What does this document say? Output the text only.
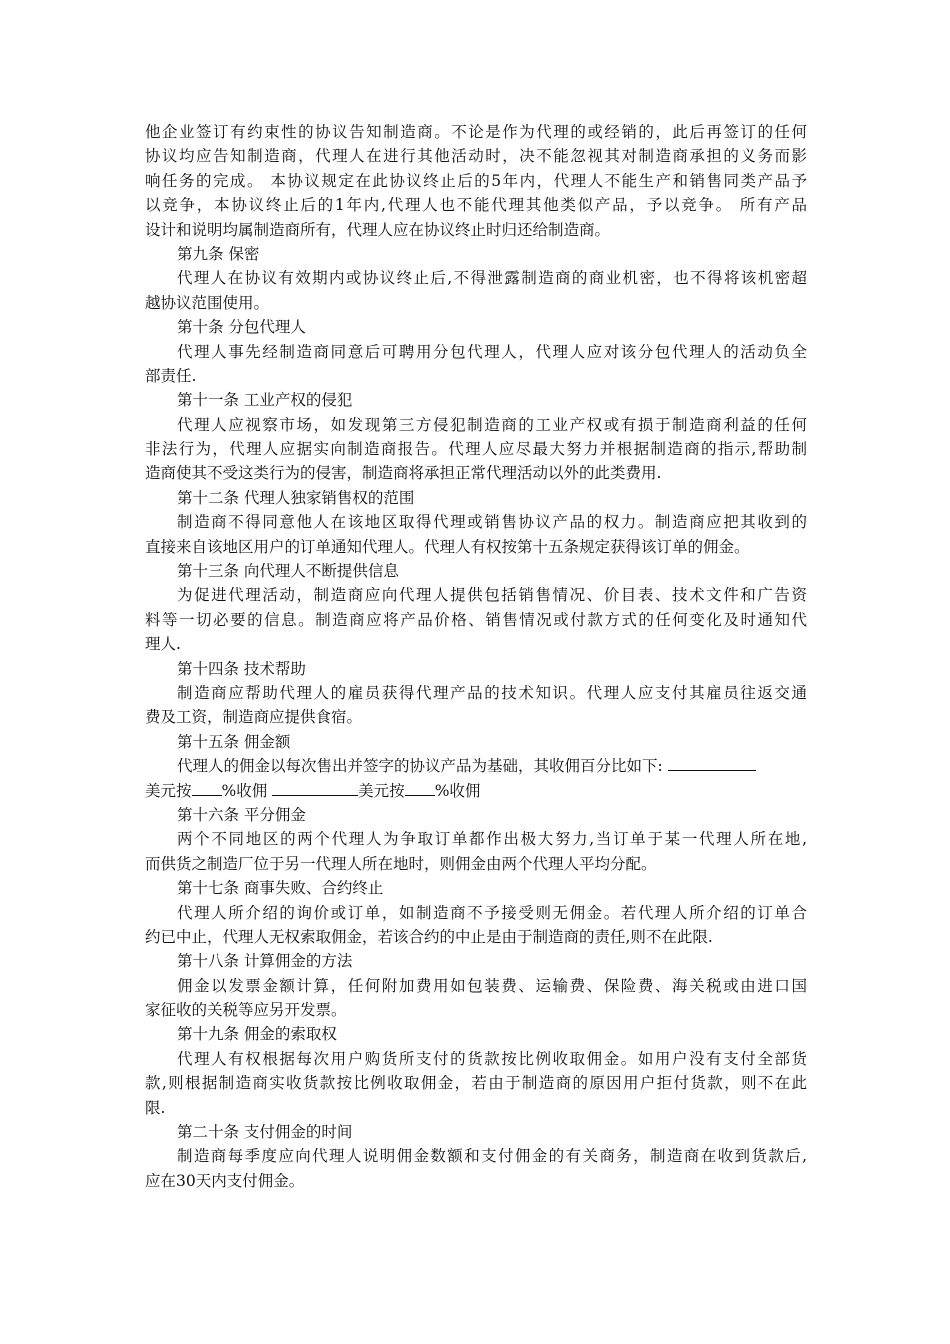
他企业签订有约束性的协议告知制造商。不论是作为代理的或经销的，此后再签订的任何
协议均应告知制造商，代理人在进行其他活动时，决不能忽视其对制造商承担的义务而影
响任务的完成。 本协议规定在此协议终止后的5年内，代理人不能生产和销售同类产品予
以竞争，本协议终止后的1年内,代理人也不能代理其他类似产品，予以竞争。 所有产品
设计和说明均属制造商所有，代理人应在协议终止时归还给制造商。
第九条 保密
代理人在协议有效期内或协议终止后,不得泄露制造商的商业机密，也不得将该机密超
越协议范围使用。
第十条 分包代理人
代理人事先经制造商同意后可聘用分包代理人，代理人应对该分包代理人的活动负全
部责任.
第十一条 工业产权的侵犯
代理人应视察市场，如发现第三方侵犯制造商的工业产权或有损于制造商利益的任何
非法行为，代理人应据实向制造商报告。代理人应尽最大努力并根据制造商的指示,帮助制
造商使其不受这类行为的侵害，制造商将承担正常代理活动以外的此类费用.
第十二条 代理人独家销售权的范围
制造商不得同意他人在该地区取得代理或销售协议产品的权力。制造商应把其收到的
直接来自该地区用户的订单通知代理人。代理人有权按第十五条规定获得该订单的佣金。
第十三条 向代理人不断提供信息
为促进代理活动，制造商应向代理人提供包括销售情况、价目表、技术文件和广告资
料等一切必要的信息。制造商应将产品价格、销售情况或付款方式的任何变化及时通知代
理人.
第十四条 技术帮助
制造商应帮助代理人的雇员获得代理产品的技术知识。代理人应支付其雇员往返交通
费及工资，制造商应提供食宿。
第十五条 佣金额
代理人的佣金以每次售出并签字的协议产品为基础，其收佣百分比如下:
美元按 %收佣	美元按 %收佣
第十六条 平分佣金
两个不同地区的两个代理人为争取订单都作出极大努力,当订单于某一代理人所在地,
而供货之制造厂位于另一代理人所在地时，则佣金由两个代理人平均分配。
第十七条 商事失败、合约终止
代理人所介绍的询价或订单，如制造商不予接受则无佣金。若代理人所介绍的订单合
约已中止，代理人无权索取佣金，若该合约的中止是由于制造商的责任,则不在此限.
第十八条 计算佣金的方法
佣金以发票金额计算，任何附加费用如包装费、运输费、保险费、海关税或由进口国
家征收的关税等应另开发票。
第十九条 佣金的索取权
代理人有权根据每次用户购货所支付的货款按比例收取佣金。如用户没有支付全部货
款,则根据制造商实收货款按比例收取佣金，若由于制造商的原因用户拒付货款，则不在此
限.
第二十条 支付佣金的时间
制造商每季度应向代理人说明佣金数额和支付佣金的有关商务，制造商在收到货款后,
应在30天内支付佣金。
